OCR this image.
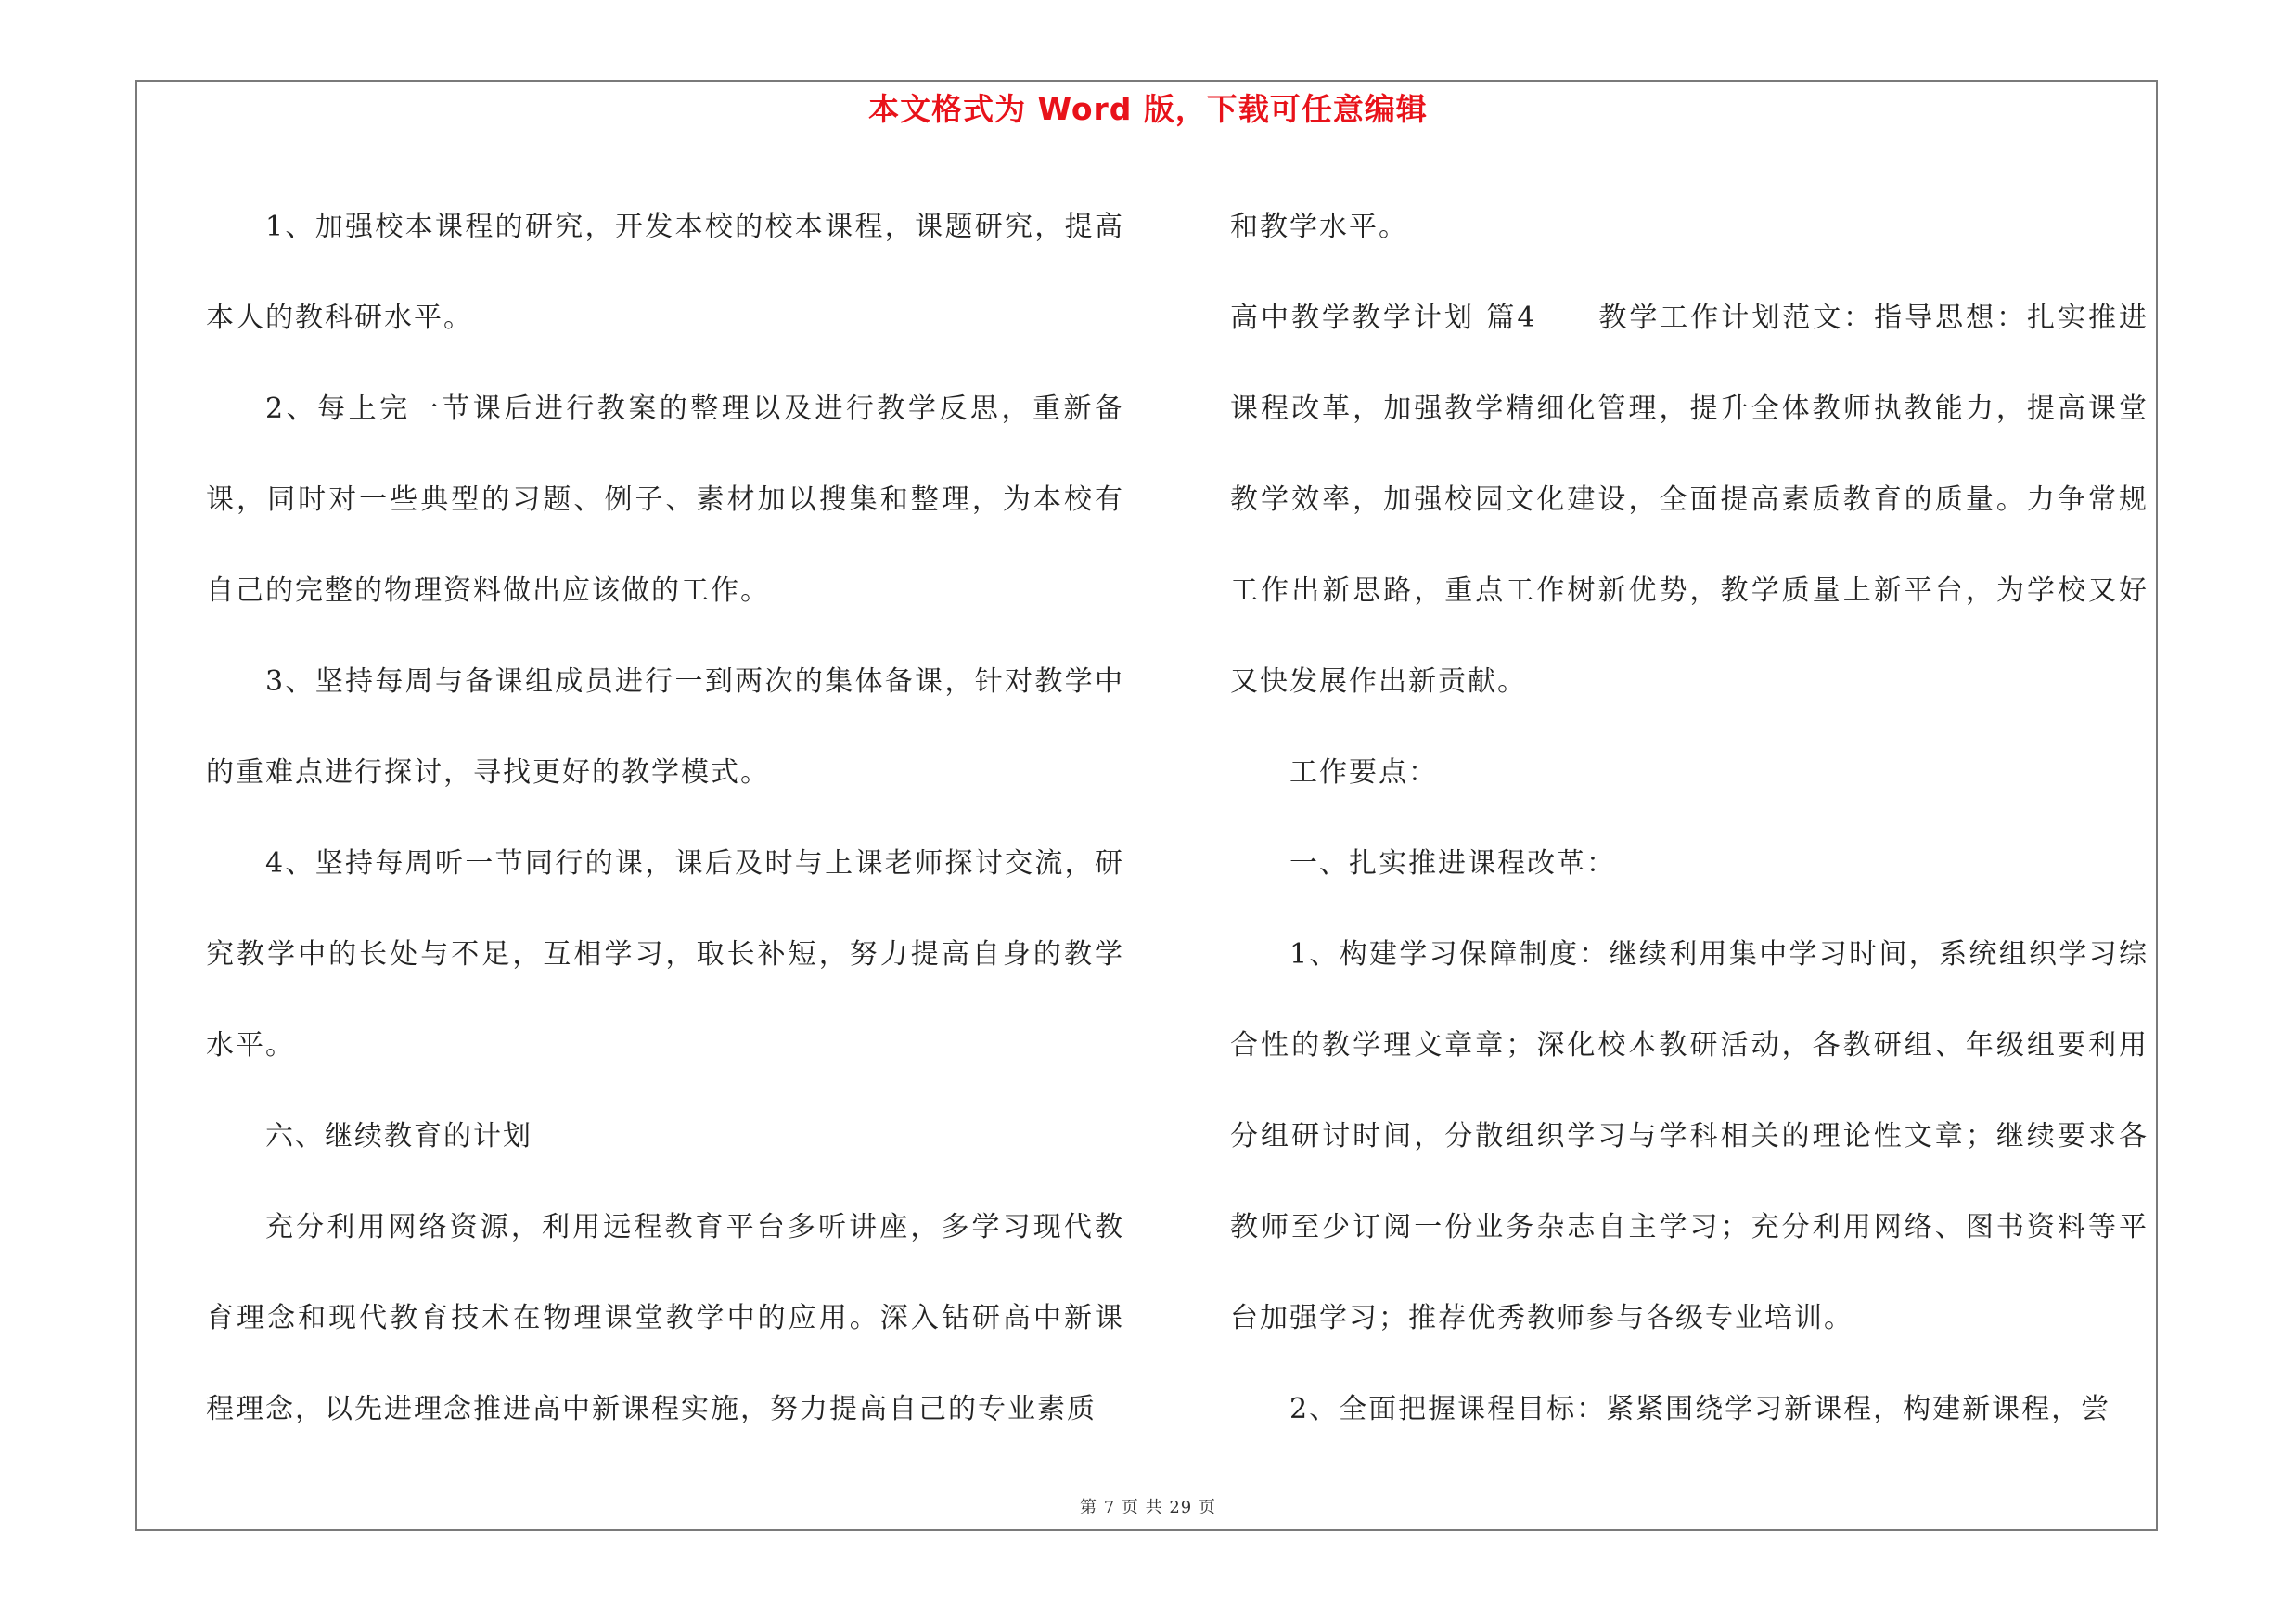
本文格式为 Word 版，下载可任意编辑

1、加强校本课程的研究，开发本校的校本课程，课题研究，提高本人的教科研水平。

2、每上完一节课后进行教案的整理以及进行教学反思，重新备课，同时对一些典型的习题、例子、素材加以搜集和整理，为本校有自己的完整的物理资料做出应该做的工作。

3、坚持每周与备课组成员进行一到两次的集体备课，针对教学中的重难点进行探讨，寻找更好的教学模式。

4、坚持每周听一节同行的课，课后及时与上课老师探讨交流，研究教学中的长处与不足，互相学习，取长补短，努力提高自身的教学水平。

六、继续教育的计划

充分利用网络资源，利用远程教育平台多听讲座，多学习现代教育理念和现代教育技术在物理课堂教学中的应用。深入钻研高中新课程理念，以先进理念推进高中新课程实施，努力提高自己的专业素质

和教学水平。

高中教学教学计划 篇4　　教学工作计划范文：指导思想：扎实推进课程改革，加强教学精细化管理，提升全体教师执教能力，提高课堂教学效率，加强校园文化建设，全面提高素质教育的质量。力争常规工作出新思路，重点工作树新优势，教学质量上新平台，为学校又好又快发展作出新贡献。

工作要点：

一、扎实推进课程改革：

1、构建学习保障制度：继续利用集中学习时间，系统组织学习综合性的教学理文章章；深化校本教研活动，各教研组、年级组要利用分组研讨时间，分散组织学习与学科相关的理论性文章；继续要求各教师至少订阅一份业务杂志自主学习；充分利用网络、图书资料等平台加强学习；推荐优秀教师参与各级专业培训。

2、全面把握课程目标：紧紧围绕学习新课程，构建新课程，尝

第 7 页 共 29 页
